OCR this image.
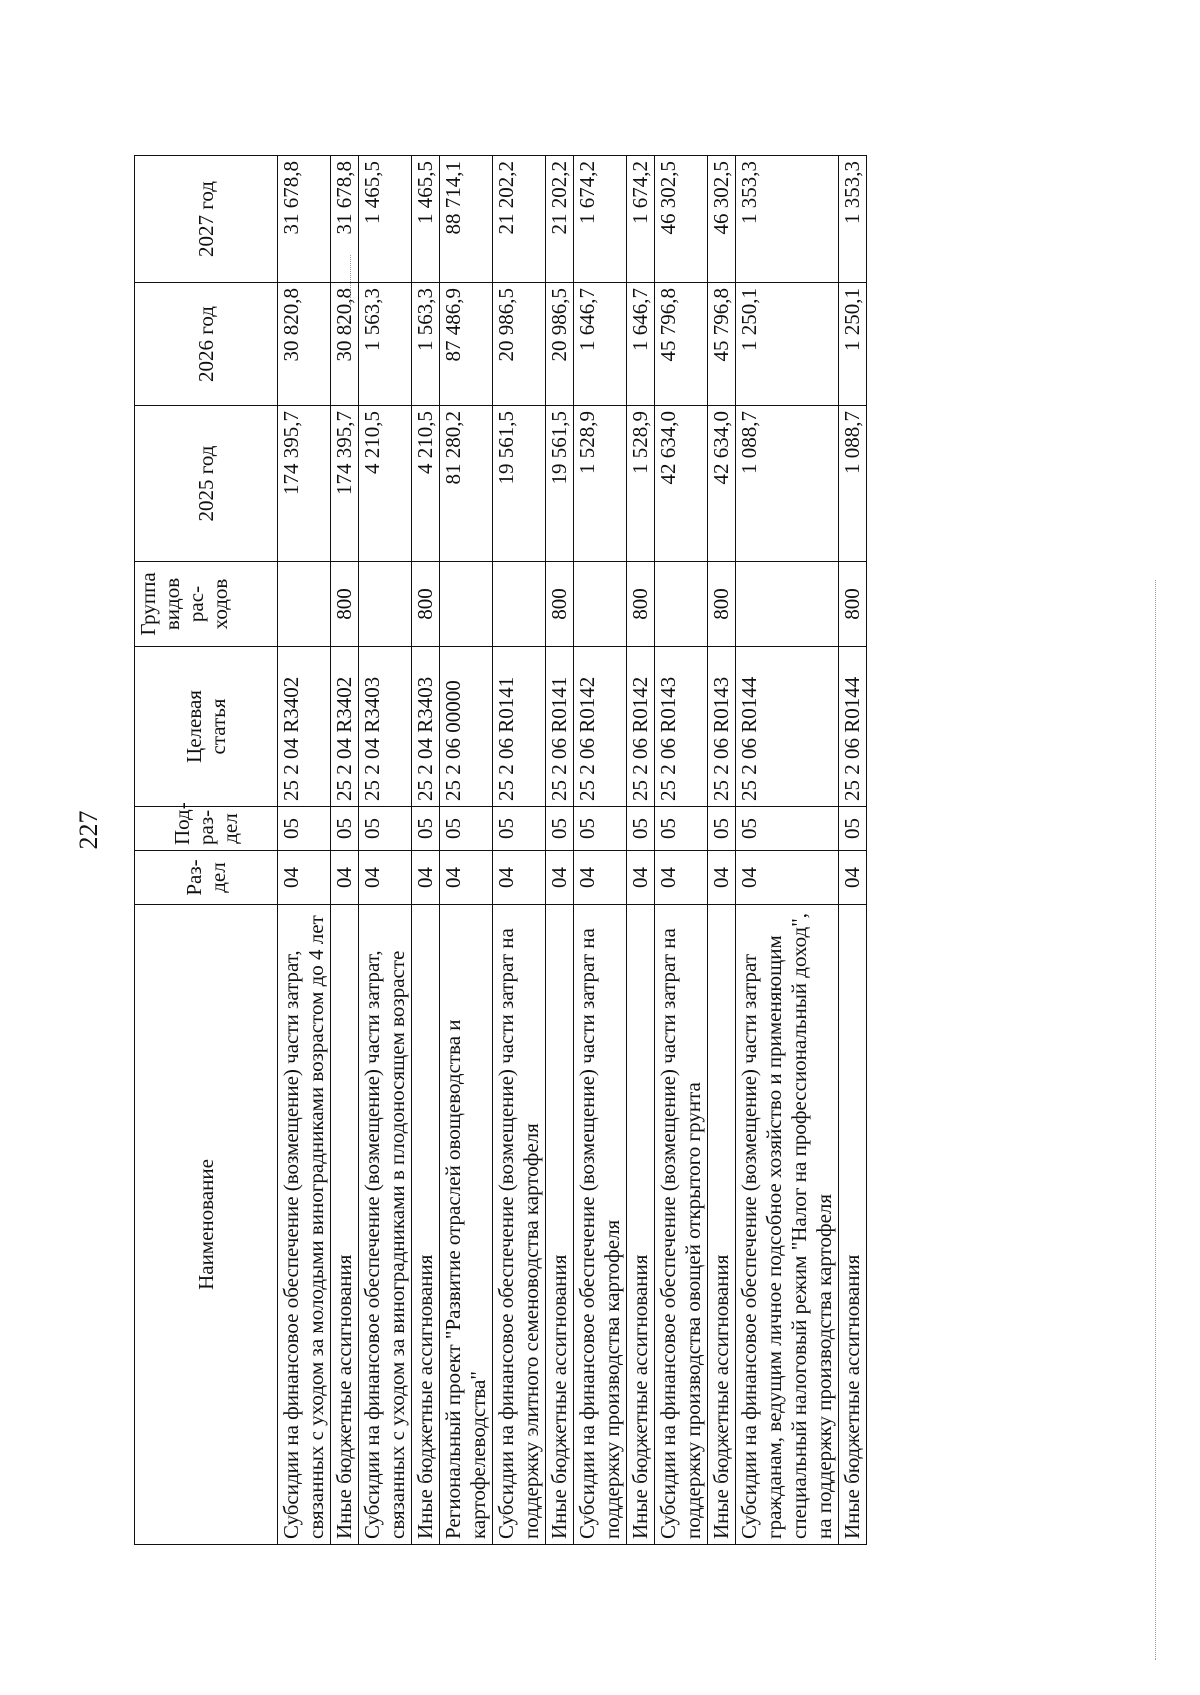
227
Наименование	Раз-
дел	Под-
раз-
дел	Целевая
статья	Группа
видов
рас-
ходов	2025 год	2026 год	2027 год
Субсидии на финансовое обеспечение (возмещение) части затрат, связанных с уходом за молодыми виноградниками возрастом до 4 лет	04	05	25 2 04 R3402		174 395,7	30 820,8	31 678,8
Иные бюджетные ассигнования	04	05	25 2 04 R3402	800	174 395,7	30 820,8	31 678,8
Субсидии на финансовое обеспечение (возмещение) части затрат, связанных с уходом за виноградниками в плодоносящем возрасте	04	05	25 2 04 R3403		4 210,5	1 563,3	1 465,5
Иные бюджетные ассигнования	04	05	25 2 04 R3403	800	4 210,5	1 563,3	1 465,5
Региональный проект "Развитие отраслей овощеводства и картофелеводства"	04	05	25 2 06 00000		81 280,2	87 486,9	88 714,1
Субсидии на финансовое обеспечение (возмещение) части затрат на поддержку элитного семеноводства картофеля	04	05	25 2 06 R0141		19 561,5	20 986,5	21 202,2
Иные бюджетные ассигнования	04	05	25 2 06 R0141	800	19 561,5	20 986,5	21 202,2
Субсидии на финансовое обеспечение (возмещение) части затрат на поддержку производства картофеля	04	05	25 2 06 R0142		1 528,9	1 646,7	1 674,2
Иные бюджетные ассигнования	04	05	25 2 06 R0142	800	1 528,9	1 646,7	1 674,2
Субсидии на финансовое обеспечение (возмещение) части затрат на поддержку производства овощей открытого грунта	04	05	25 2 06 R0143		42 634,0	45 796,8	46 302,5
Иные бюджетные ассигнования	04	05	25 2 06 R0143	800	42 634,0	45 796,8	46 302,5
Субсидии на финансовое обеспечение (возмещение) части затрат гражданам, ведущим личное подсобное хозяйство и применяющим специальный налоговый режим "Налог на профессиональный доход", на поддержку производства картофеля	04	05	25 2 06 R0144		1 088,7	1 250,1	1 353,3
Иные бюджетные ассигнования	04	05	25 2 06 R0144	800	1 088,7	1 250,1	1 353,3
